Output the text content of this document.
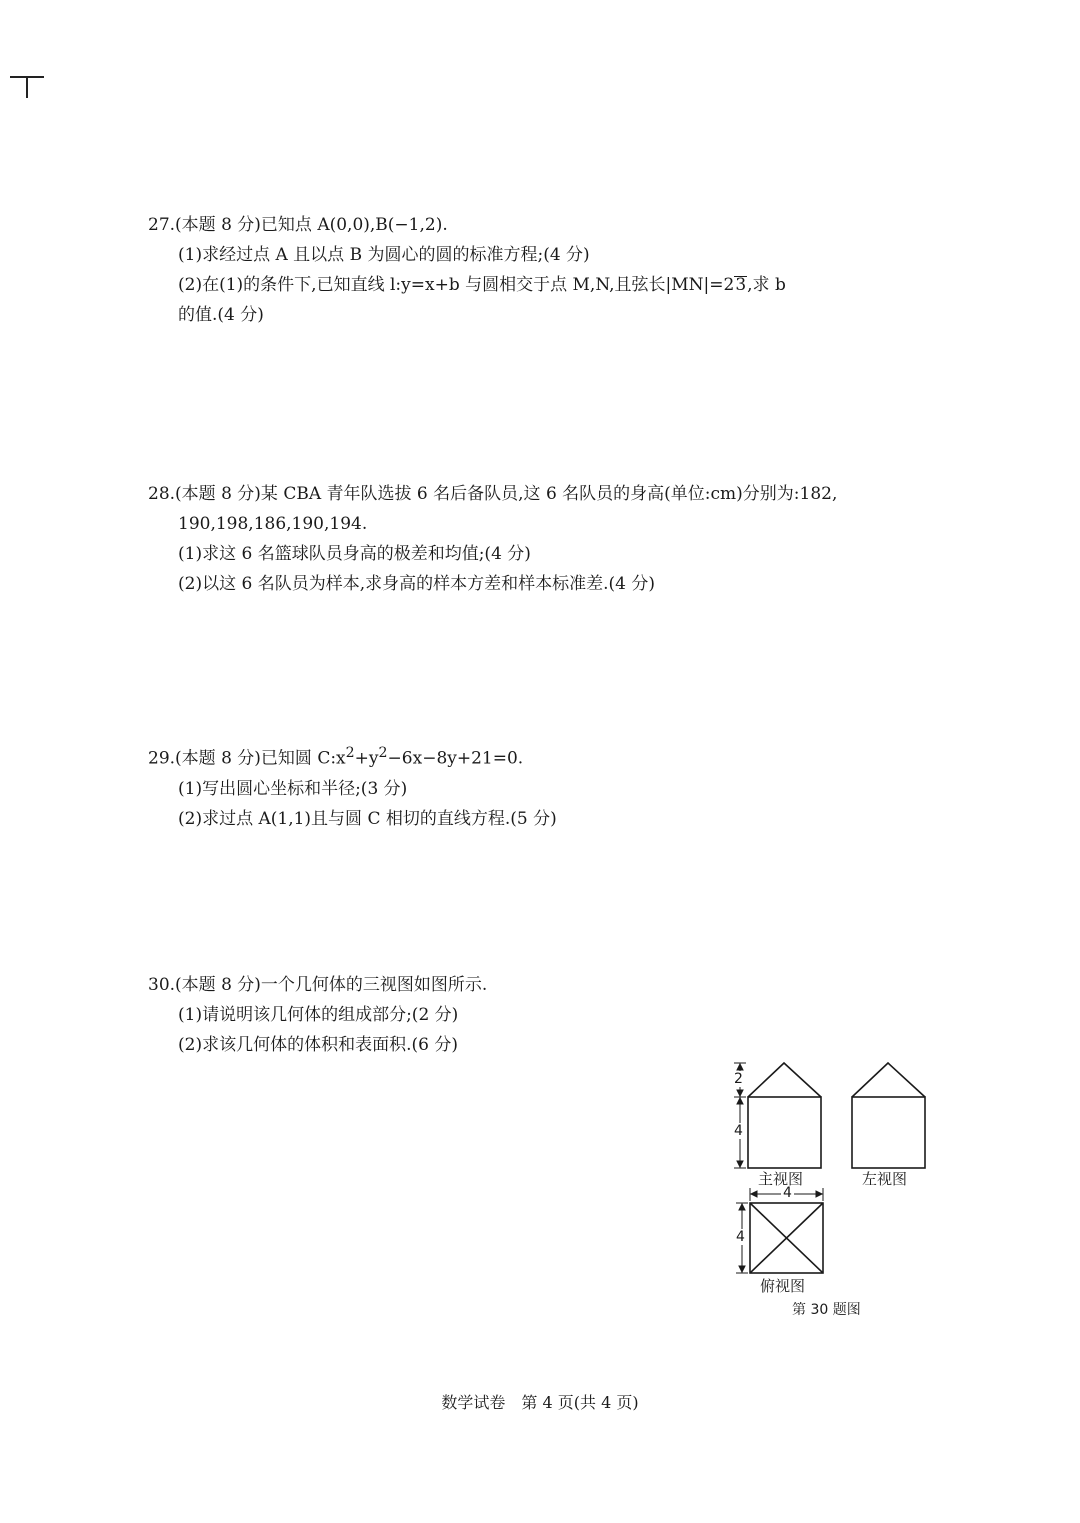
27.(本题 8 分)已知点 A(0,0),B(−1,2).

(1)求经过点 A 且以点 B 为圆心的圆的标准方程;(4 分)

(2)在(1)的条件下,已知直线 l:y=x+b 与圆相交于点 M,N,且弦长|MN|=23,求 b

的值.(4 分)

28.(本题 8 分)某 CBA 青年队选拔 6 名后备队员,这 6 名队员的身高(单位:cm)分别为:182,

190,198,186,190,194.

(1)求这 6 名篮球队员身高的极差和均值;(4 分)

(2)以这 6 名队员为样本,求身高的样本方差和样本标准差.(4 分)

29.(本题 8 分)已知圆 $C:x^2+y^2-6x-8y+21=0$.

(1)写出圆心坐标和半径;(3 分)

(2)求过点 A(1,1)且与圆 C 相切的直线方程.(5 分)

30.(本题 8 分)一个几何体的三视图如图所示.

(1)请说明该几何体的组成部分;(2 分)

(2)求该几何体的体积和表面积.(6 分)

2
4
4
4
主视图	左视图
俯视图
第 30 题图
数学试卷　第 4 页(共 4 页)
